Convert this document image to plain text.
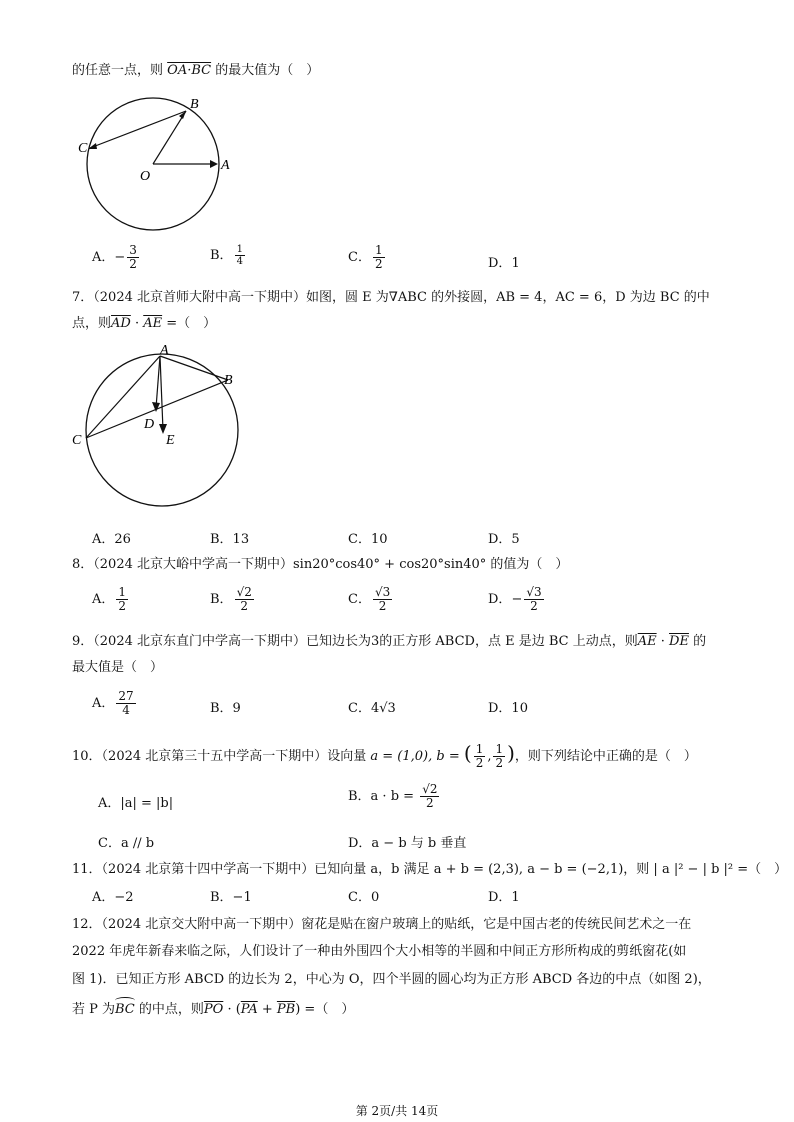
的任意一点，则 OA·BC 的最大值为（　）
B
C
O
A
A．− $\frac{3}{2}$	B． $\frac{1}{4}$	C． $\frac{1}{2}$	D．1
7．（2024 北京首师大附中高一下期中）如图，圆 E 为∇ABC 的外接圆，AB = 4，AC = 6，D 为边 BC 的中
点，则$\overline{AD} \cdot \overline{AE}$ =（　）
A
B
C
D
E
A．26	B．13	C．10	D．5
8．（2024 北京大峪中学高一下期中）sin20°cos40° + cos20°sin40° 的值为（　）
A． $\frac{1}{2}$	B． $\frac{√2}{2}$	C． $\frac{√3}{2}$	D．− $\frac{√3}{2}$
9．（2024 北京东直门中学高一下期中）已知边长为3的正方形 ABCD，点 E 是边 BC 上动点，则$\overline{AE} \cdot \overline{DE}$ 的
最大值是（　）
A． $\frac{27}{4}$	B．9	C．4√3	D．10
10．（2024 北京第三十五中学高一下期中）设向量 a = (1,0), b = ( $\frac{1}{2}$ , $\frac{1}{2}$ )，则下列结论中正确的是（　）
A．|a| = |b|	B．$a \cdot b = \frac{√2}{2}$
C．a // b	D．a − b 与 b 垂直
11．（2024 北京第十四中学高一下期中）已知向量 a，b 满足 a + b = (2,3), a − b = (−2,1)，则 | a |² − | b |² =（　）
A．−2	B．−1	C．0	D．1
12．（2024 北京交大附中高一下期中）窗花是贴在窗户玻璃上的贴纸，它是中国古老的传统民间艺术之一在
2022 年虎年新春来临之际，人们设计了一种由外围四个大小相等的半圆和中间正方形所构成的剪纸窗花(如
图 1)．已知正方形 ABCD 的边长为 2，中心为 O，四个半圆的圆心均为正方形 ABCD 各边的中点（如图 2)，
若 P 为
BC 的中点，则$\overline{PO} \cdot (\overline{PA} + \overline{PB})$ =（　）
第 2页/共 14页
